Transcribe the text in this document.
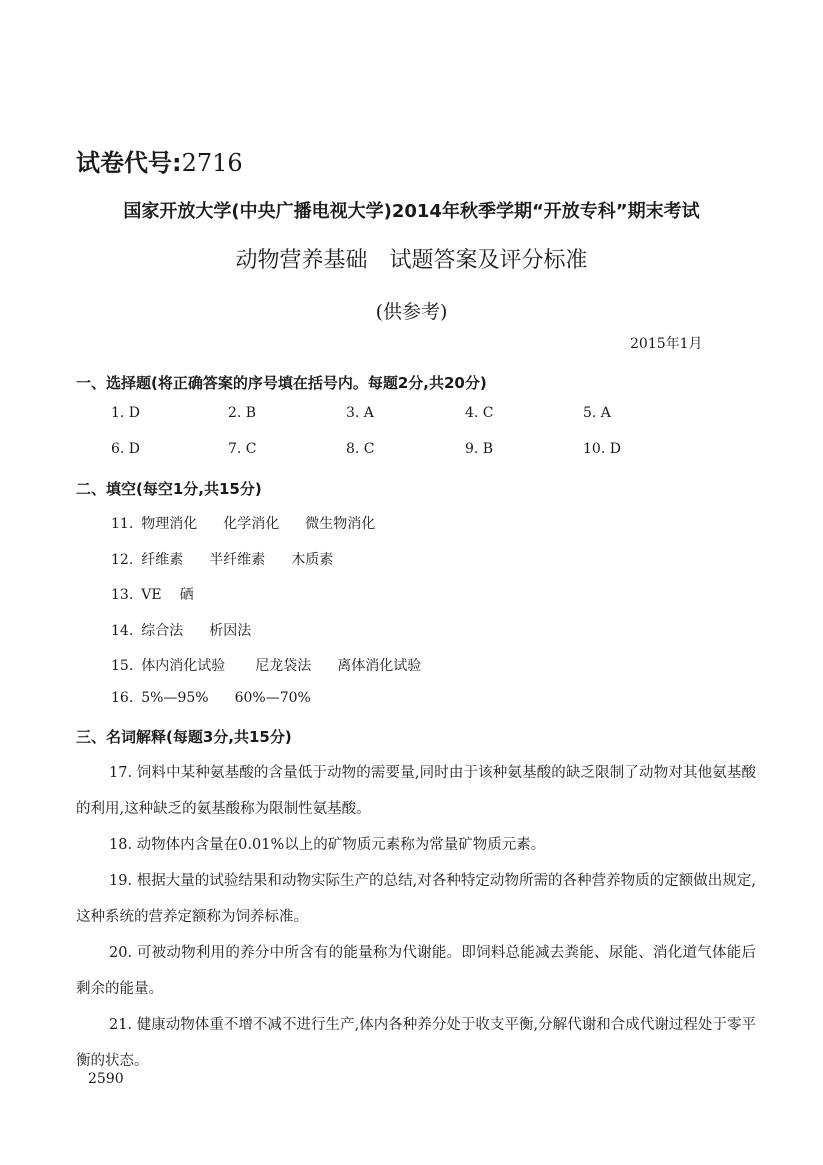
试卷代号:2716
国家开放大学(中央广播电视大学)2014年秋季学期“开放专科”期末考试
动物营养基础　试题答案及评分标准
(供参考)
2015年1月
一、选择题(将正确答案的序号填在括号内。每题2分,共20分)
1. D	2. B	3. A	4. C	5. A
6. D	7. C	8. C	9. B	10. D
二、填空(每空1分,共15分)
11. 物理消化 化学消化 微生物消化
12. 纤维素 半纤维素 木质素
13. VE 硒
14. 综合法 析因法
15. 体内消化试验 尼龙袋法 离体消化试验
16. 5%—95% 60%—70%
三、名词解释(每题3分,共15分)

17. 饲料中某种氨基酸的含量低于动物的需要量,同时由于该种氨基酸的缺乏限制了动物对其他氨基酸的利用,这种缺乏的氨基酸称为限制性氨基酸。

18. 动物体内含量在0.01%以上的矿物质元素称为常量矿物质元素。

19. 根据大量的试验结果和动物实际生产的总结,对各种特定动物所需的各种营养物质的定额做出规定,这种系统的营养定额称为饲养标准。

20. 可被动物利用的养分中所含有的能量称为代谢能。即饲料总能减去粪能、尿能、消化道气体能后剩余的能量。

21. 健康动物体重不增不减不进行生产,体内各种养分处于收支平衡,分解代谢和合成代谢过程处于零平衡的状态。

2590
